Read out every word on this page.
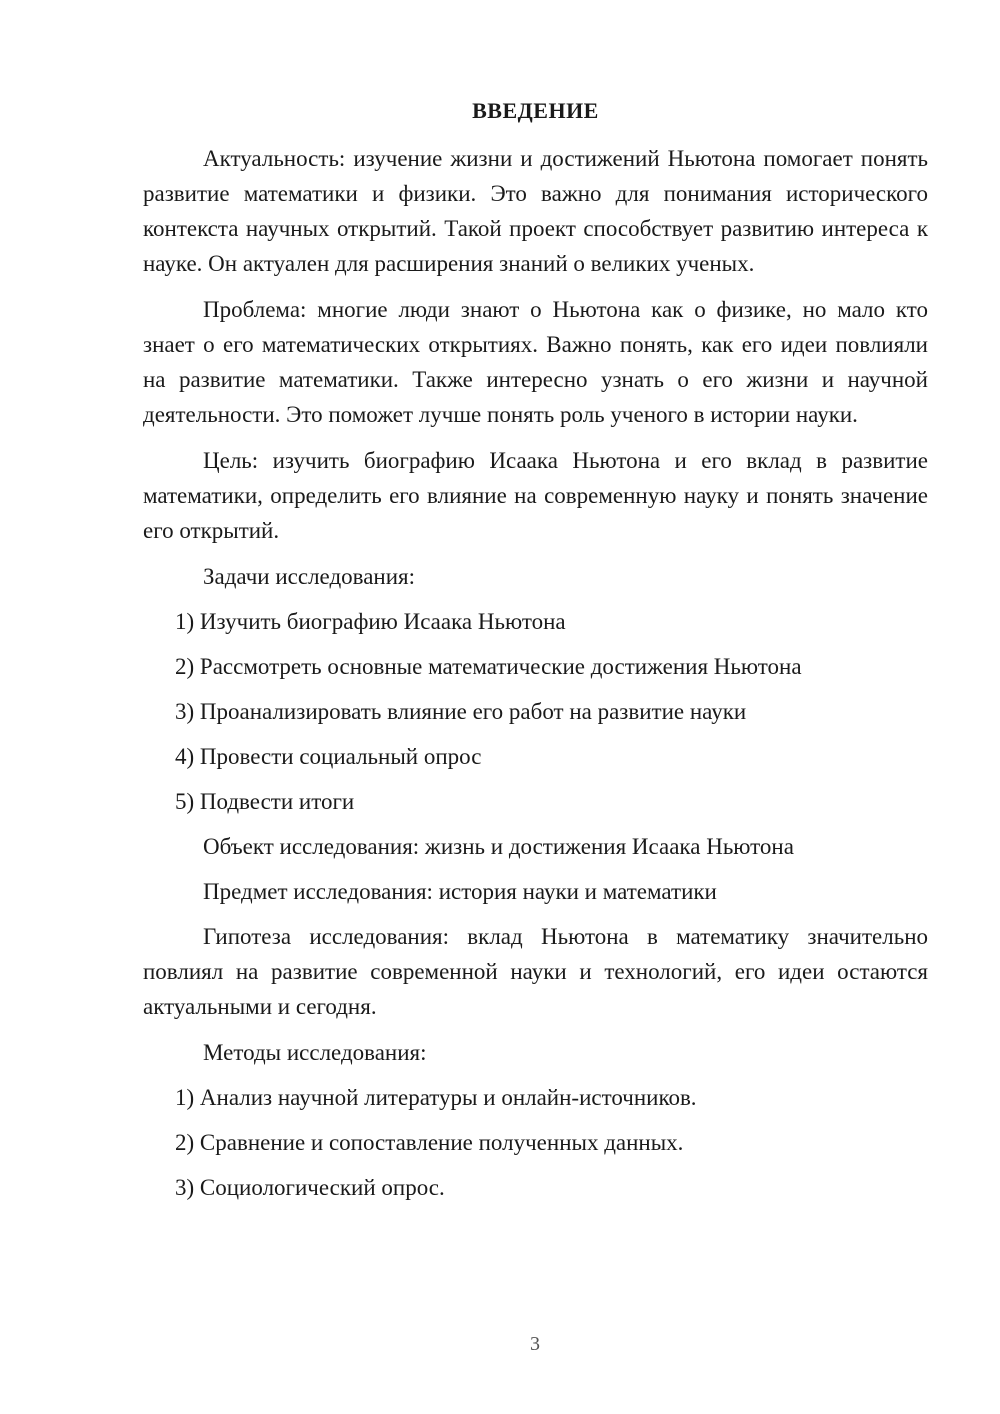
ВВЕДЕНИЕ

Актуальность: изучение жизни и достижений Ньютона помогает понять развитие математики и физики. Это важно для понимания исторического контекста научных открытий. Такой проект способствует развитию интереса к науке. Он актуален для расширения знаний о великих ученых.

Проблема: многие люди знают о Ньютона как о физике, но мало кто знает о его математических открытиях. Важно понять, как его идеи повлияли на развитие математики. Также интересно узнать о его жизни и научной деятельности. Это поможет лучше понять роль ученого в истории науки.

Цель: изучить биографию Исаака Ньютона и его вклад в развитие математики, определить его влияние на современную науку и понять значение его открытий.

Задачи исследования:

1) Изучить биографию Исаака Ньютона
2) Рассмотреть основные математические достижения Ньютона
3) Проанализировать влияние его работ на развитие науки
4) Провести социальный опрос
5) Подвести итоги

Объект исследования: жизнь и достижения Исаака Ньютона

Предмет исследования: история науки и математики

Гипотеза исследования: вклад Ньютона в математику значительно повлиял на развитие современной науки и технологий, его идеи остаются актуальными и сегодня.

Методы исследования:

1) Анализ научной литературы и онлайн-источников.
2) Сравнение и сопоставление полученных данных.
3) Социологический опрос.
3
